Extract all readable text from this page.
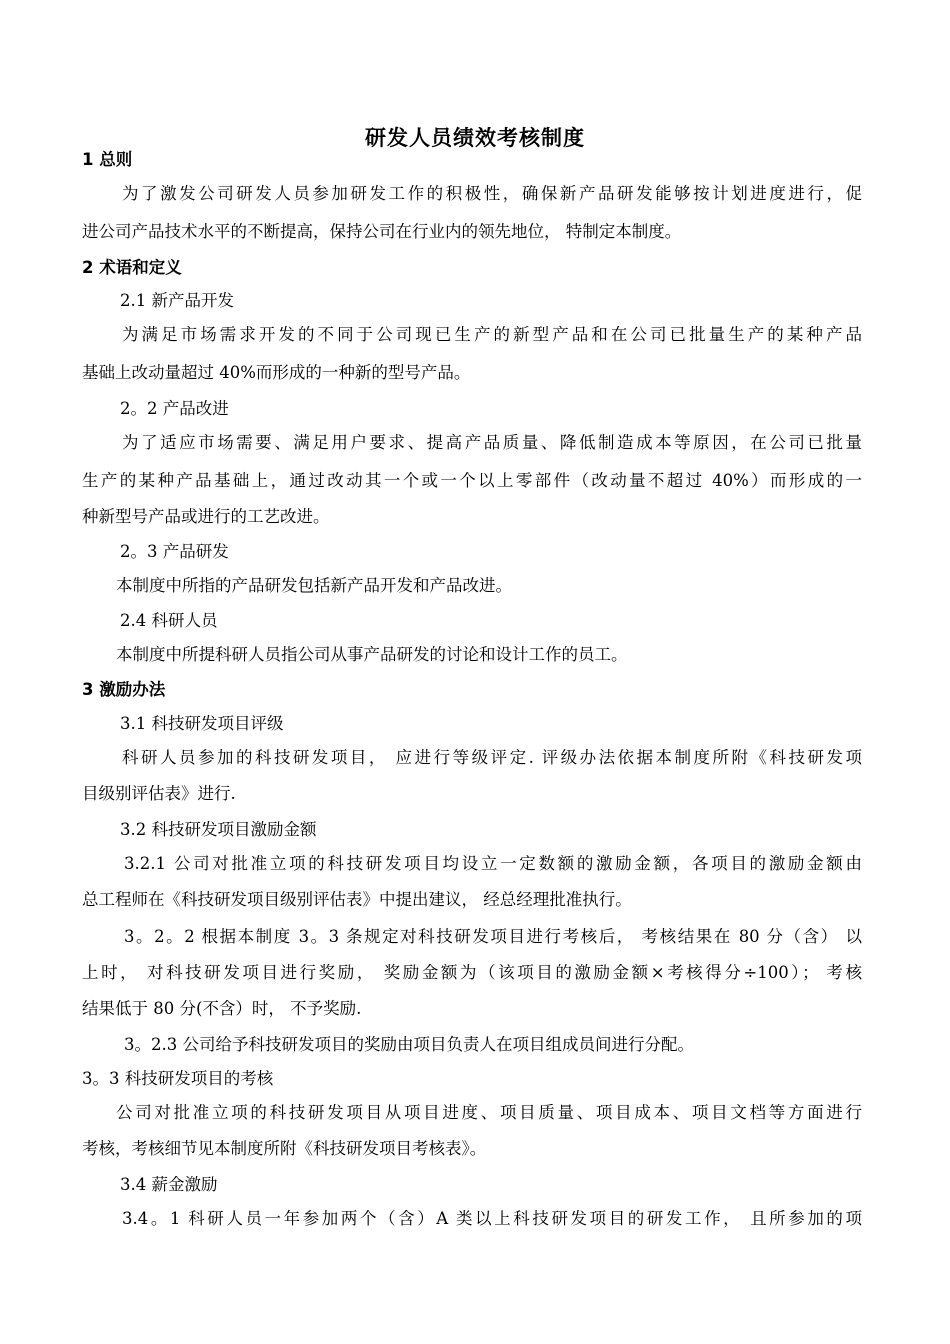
研发人员绩效考核制度
1 总则
为了激发公司研发人员参加研发工作的积极性，确保新产品研发能够按计划进度进行，促
进公司产品技术水平的不断提高，保持公司在行业内的领先地位， 特制定本制度。
2 术语和定义
2.1 新产品开发
为满足市场需求开发的不同于公司现已生产的新型产品和在公司已批量生产的某种产品
基础上改动量超过 40%而形成的一种新的型号产品。
2。2 产品改进
为了适应市场需要、满足用户要求、提高产品质量、降低制造成本等原因，在公司已批量
生产的某种产品基础上，通过改动其一个或一个以上零部件（改动量不超过 40%）而形成的一
种新型号产品或进行的工艺改进。
2。3 产品研发
本制度中所指的产品研发包括新产品开发和产品改进。
2.4 科研人员
本制度中所提科研人员指公司从事产品研发的讨论和设计工作的员工。
3 激励办法
3.1 科技研发项目评级
科研人员参加的科技研发项目， 应进行等级评定. 评级办法依据本制度所附《科技研发项
目级别评估表》进行.
3.2 科技研发项目激励金额
3.2.1 公司对批准立项的科技研发项目均设立一定数额的激励金额，各项目的激励金额由
总工程师在《科技研发项目级别评估表》中提出建议， 经总经理批准执行。
3。2。2 根据本制度 3。3 条规定对科技研发项目进行考核后， 考核结果在 80 分（含） 以
上时， 对科技研发项目进行奖励， 奖励金额为（该项目的激励金额×考核得分÷100）； 考核
结果低于 80 分(不含）时， 不予奖励.
3。2.3 公司给予科技研发项目的奖励由项目负责人在项目组成员间进行分配。
3。3 科技研发项目的考核
公司对批准立项的科技研发项目从项目进度、项目质量、项目成本、项目文档等方面进行
考核，考核细节见本制度所附《科技研发项目考核表》。
3.4 薪金激励
3.4。1 科研人员一年参加两个（含）A 类以上科技研发项目的研发工作， 且所参加的项
